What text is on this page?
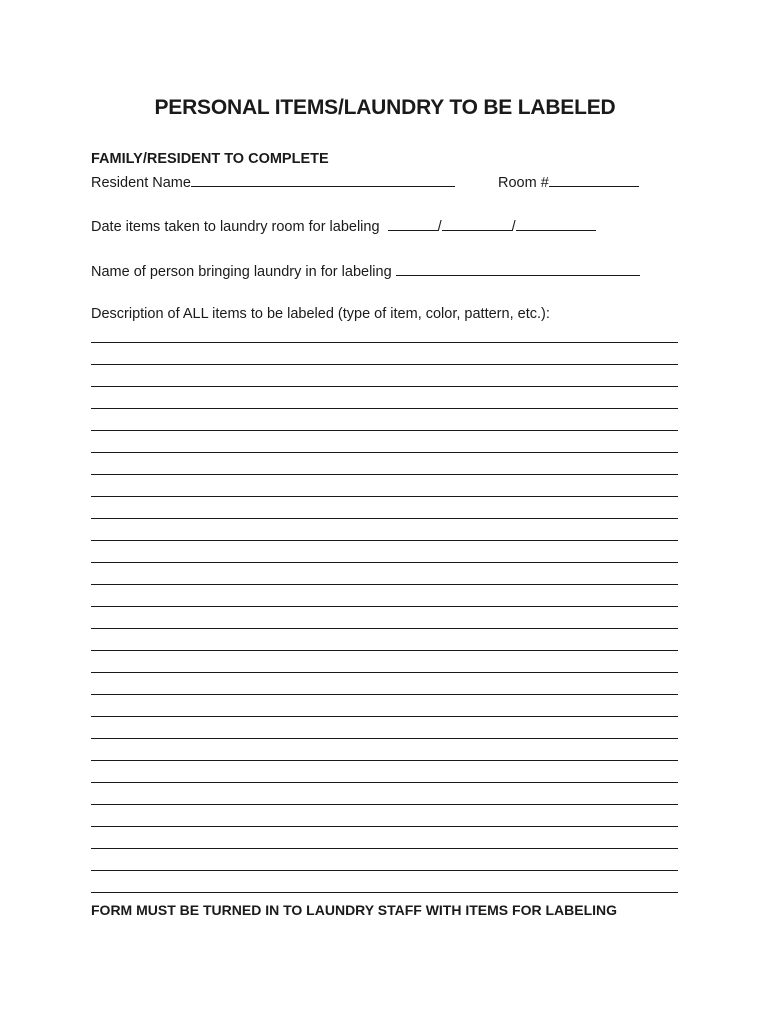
PERSONAL ITEMS/LAUNDRY TO BE LABELED
FAMILY/RESIDENT TO COMPLETE
Resident Name	Room #
Date items taken to laundry room for labeling	/	/
Name of person bringing laundry in for labeling
Description of ALL items to be labeled (type of item, color, pattern, etc.):
FORM MUST BE TURNED IN TO LAUNDRY STAFF WITH ITEMS FOR LABELING
